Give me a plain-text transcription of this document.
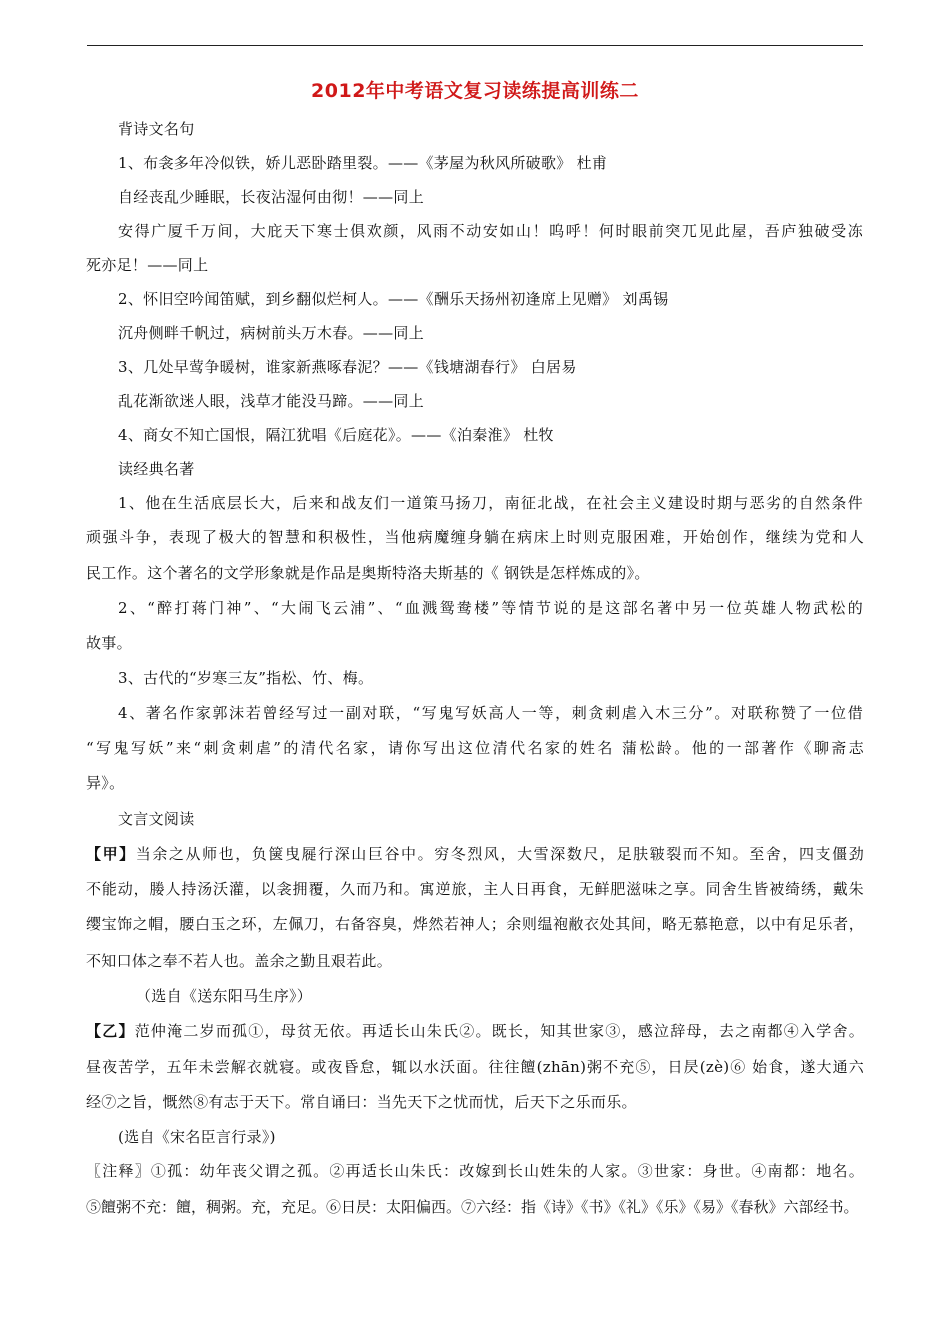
2012年中考语文复习读练提高训练二
背诗文名句
1、布衾多年冷似铁，娇儿恶卧踏里裂。——《茅屋为秋风所破歌》 杜甫
自经丧乱少睡眠，长夜沾湿何由彻！——同上
安得广厦千万间，大庇天下寒士俱欢颜，风雨不动安如山！呜呼！何时眼前突兀见此屋，吾庐独破受冻
死亦足！——同上
2、怀旧空吟闻笛赋，到乡翻似烂柯人。——《酬乐天扬州初逢席上见赠》 刘禹锡
沉舟侧畔千帆过，病树前头万木春。——同上
3、几处早莺争暖树，谁家新燕啄春泥？——《钱塘湖春行》 白居易
乱花渐欲迷人眼，浅草才能没马蹄。——同上
4、商女不知亡国恨，隔江犹唱《后庭花》。——《泊秦淮》 杜牧
读经典名著
1、他在生活底层长大，后来和战友们一道策马扬刀，南征北战，在社会主义建设时期与恶劣的自然条件
顽强斗争，表现了极大的智慧和积极性，当他病魔缠身躺在病床上时则克服困难，开始创作，继续为党和人
民工作。这个著名的文学形象就是作品是奥斯特洛夫斯基的《 钢铁是怎样炼成的》。
2、“醉打蒋门神”、“大闹飞云浦”、“血溅鸳鸯楼”等情节说的是这部名著中另一位英雄人物武松的
故事。
3、古代的“岁寒三友”指松、竹、梅。
4、著名作家郭沫若曾经写过一副对联，“写鬼写妖高人一等，刺贪刺虐入木三分”。对联称赞了一位借
“写鬼写妖”来“刺贪刺虐”的清代名家，请你写出这位清代名家的姓名 蒲松龄。他的一部著作《聊斋志
异》。
文言文阅读
【甲】当余之从师也，负箧曳屣行深山巨谷中。穷冬烈风，大雪深数尺，足肤皲裂而不知。至舍，四支僵劲
不能动，媵人持汤沃灌，以衾拥覆，久而乃和。寓逆旅，主人日再食，无鲜肥滋味之享。同舍生皆被绮绣，戴朱
缨宝饰之帽，腰白玉之环，左佩刀，右备容臭，烨然若神人；余则缊袍敝衣处其间，略无慕艳意，以中有足乐者，
不知口体之奉不若人也。盖余之勤且艰若此。
（选自《送东阳马生序》）
【乙】范仲淹二岁而孤①，母贫无依。再适长山朱氏②。既长，知其世家③，感泣辞母，去之南都④入学舍。
昼夜苦学，五年未尝解衣就寝。或夜昏怠，辄以水沃面。往往饘(zhān)粥不充⑤，日昃(zè)⑥ 始食，遂大通六
经⑦之旨，慨然⑧有志于天下。常自诵曰：当先天下之忧而忧，后天下之乐而乐。
(选自《宋名臣言行录》)
〖注释〗①孤：幼年丧父谓之孤。②再适长山朱氏：改嫁到长山姓朱的人家。③世家：身世。④南都：地名。
⑤饘粥不充：饘，稠粥。充，充足。⑥日昃：太阳偏西。⑦六经：指《诗》《书》《礼》《乐》《易》《春秋》六部经书。
